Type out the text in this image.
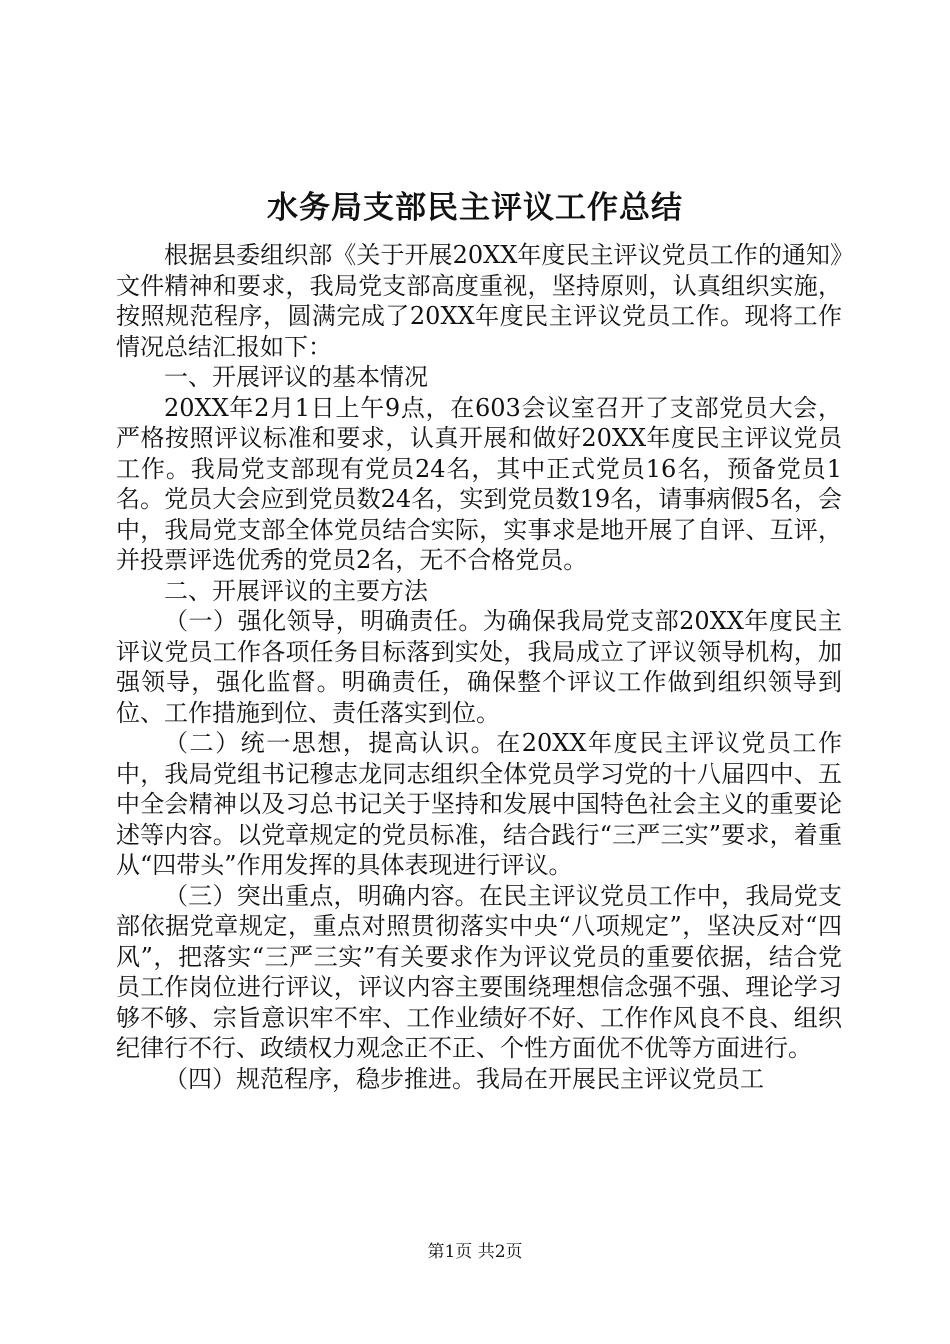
水务局支部民主评议工作总结

根据县委组织部《关于开展20XX年度民主评议党员工作的通知》文件精神和要求，我局党支部高度重视，坚持原则，认真组织实施，按照规范程序，圆满完成了20XX年度民主评议党员工作。现将工作情况总结汇报如下：

一、开展评议的基本情况

20XX年2月1日上午9点，在603会议室召开了支部党员大会，严格按照评议标准和要求，认真开展和做好20XX年度民主评议党员工作。我局党支部现有党员24名，其中正式党员16名，预备党员1名。党员大会应到党员数24名，实到党员数19名，请事病假5名，会中，我局党支部全体党员结合实际，实事求是地开展了自评、互评，并投票评选优秀的党员2名，无不合格党员。

二、开展评议的主要方法

（一）强化领导，明确责任。为确保我局党支部20XX年度民主评议党员工作各项任务目标落到实处，我局成立了评议领导机构，加强领导，强化监督。明确责任，确保整个评议工作做到组织领导到位、工作措施到位、责任落实到位。

（二）统一思想，提高认识。在20XX年度民主评议党员工作中，我局党组书记穆志龙同志组织全体党员学习党的十八届四中、五中全会精神以及习总书记关于坚持和发展中国特色社会主义的重要论述等内容。以党章规定的党员标准，结合践行“三严三实”要求，着重从“四带头”作用发挥的具体表现进行评议。

（三）突出重点，明确内容。在民主评议党员工作中，我局党支部依据党章规定，重点对照贯彻落实中央“八项规定”，坚决反对“四风”，把落实“三严三实”有关要求作为评议党员的重要依据，结合党员工作岗位进行评议，评议内容主要围绕理想信念强不强、理论学习够不够、宗旨意识牢不牢、工作业绩好不好、工作作风良不良、组织纪律行不行、政绩权力观念正不正、个性方面优不优等方面进行。

（四）规范程序，稳步推进。我局在开展民主评议党员工

第1页 共2页
